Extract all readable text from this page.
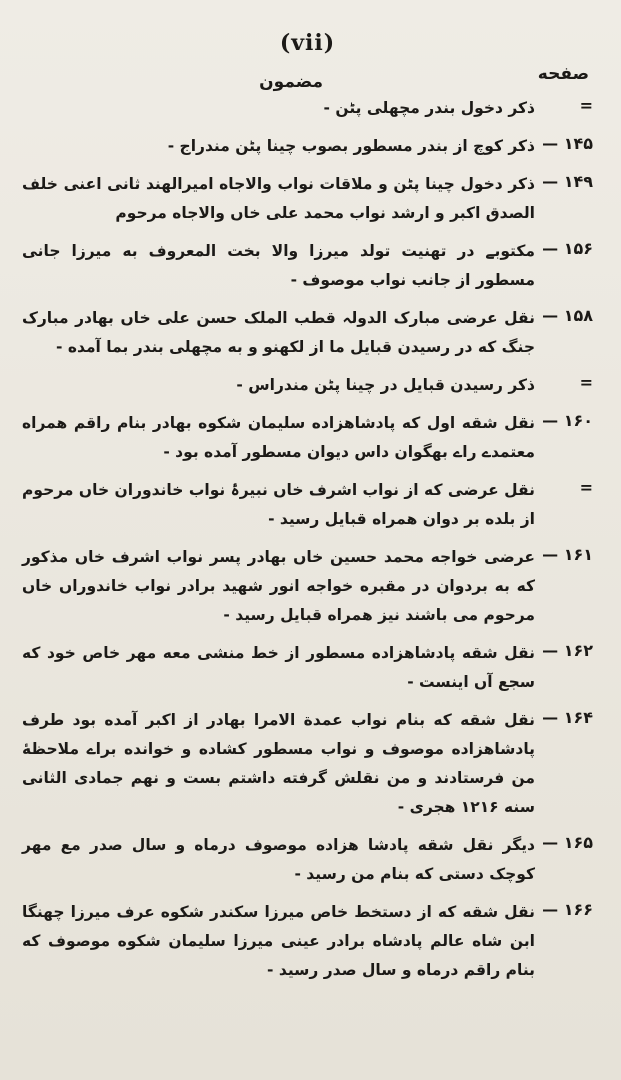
(vii)
صفحه
مضمون
=
ذکر دخول بندر مچهلی پٹن -
۱۴۵ —
ذکر کوچ از بندر مسطور بصوب چینا پٹن مندراج -
۱۴۹ —
ذکر دخول چینا پٹن و ملاقات نواب والاجاه امیرالهند ثانی اعنی خلف الصدق اکبر و ارشد نواب محمد علی خاں والاجاه مرحوم
۱۵۶ —
مکتوبے در تهنیت تولد میرزا والا بخت المعروف به میرزا جانی مسطور از جانب نواب موصوف -
۱۵۸ —
نقل عرضی مبارک الدولہ قطب الملک حسن علی خاں بهادر مبارک جنگ که در رسیدن قبایل ما از لکهنو و به مچهلی بندر بما آمده -
=
ذکر رسیدن قبایل در چینا پٹن مندراس -
۱۶۰ —
نقل شقه اول که پادشاهزاده سلیمان شکوه بهادر بنام راقم همراه معتمدے راے بهگوان داس دیوان مسطور آمده بود -
=
نقل عرضی که از نواب اشرف خاں نبیرۂ نواب خاندوران خاں مرحوم از بلده بر دوان همراه قبایل رسید -
۱۶۱ —
عرضی خواجه محمد حسین خاں بهادر پسر نواب اشرف خاں مذکور که به بردوان در مقبره خواجه انور شهید برادر نواب خاندوراں خاں مرحوم می باشند نیز همراه قبایل رسید -
۱۶۲ —
نقل شقه پادشاهزاده مسطور از خط منشی معه مهر خاص خود که سجع آں اینست -
۱۶۴ —
نقل شقه که بنام نواب عمدة الامرا بهادر از اکبر آمده بود طرف پادشاهزاده موصوف و نواب مسطور کشاده و خوانده براے ملاحظهٔ من فرستادند و من نقلش گرفته داشتم بست و نهم جمادی الثانی سنه ۱۲۱۶ هجری -
۱۶۵ —
دیگر نقل شقه پادشا هزاده موصوف درماه و سال صدر مع مهر کوچک دستی که بنام من رسید -
۱۶۶ —
نقل شقه که از دستخط خاص میرزا سکندر شکوه عرف میرزا چهنگا ابن شاه عالم پادشاه برادر عینی میرزا سلیمان شکوه موصوف که بنام راقم درماه و سال صدر رسید -
